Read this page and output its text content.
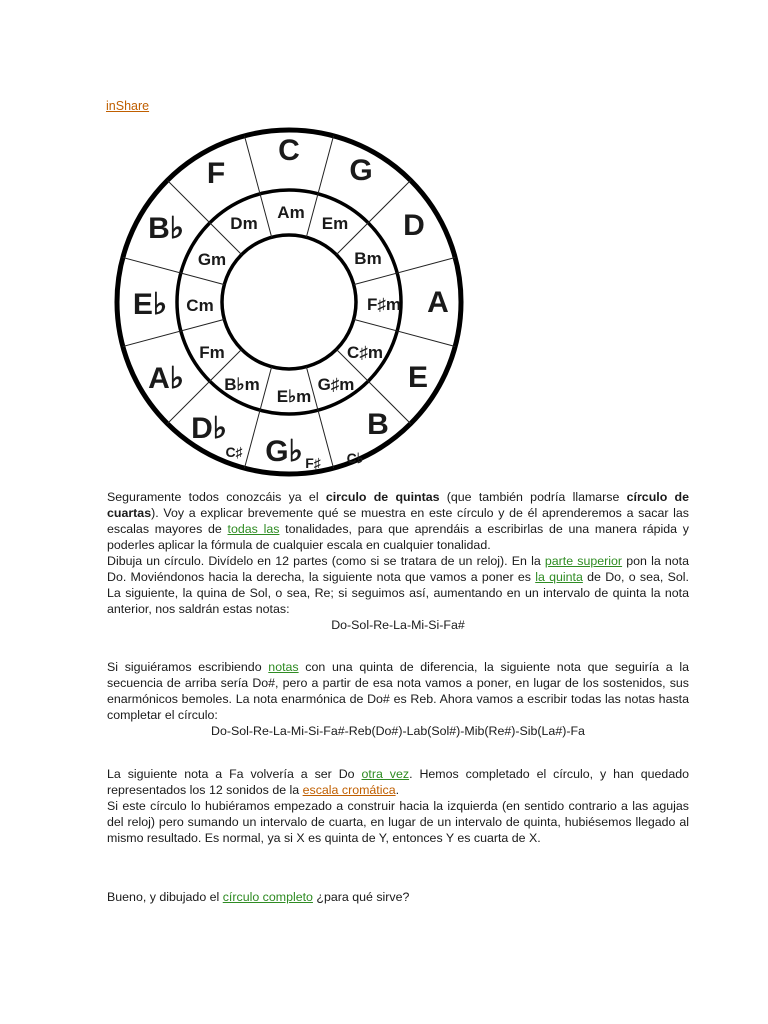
inShare
C
G
D
A
E
B
G♭
D♭
A♭
E♭
B♭
F
Am
Em
Bm
F♯m
C♯m
G♯m
E♭m
B♭m
Fm
Cm
Gm
Dm
C♭
F♯
C♯

Seguramente todos conozcáis ya el circulo de quintas (que también podría llamarse círculo de cuartas). Voy a explicar brevemente qué se muestra en este círculo y de él aprenderemos a sacar las escalas mayores de todas las tonalidades, para que aprendáis a escribirlas de una manera rápida y poderles aplicar la fórmula de cualquier escala en cualquier tonalidad.

Dibuja un círculo. Divídelo en 12 partes (como si se tratara de un reloj). En la parte superior pon la nota Do. Moviéndonos hacia la derecha, la siguiente nota que vamos a poner es la quinta de Do, o sea, Sol. La siguiente, la quina de Sol, o sea, Re; si seguimos así, aumentando en un intervalo de quinta la nota anterior, nos saldrán estas notas:

Do-Sol-Re-La-Mi-Si-Fa#

Si siguiéramos escribiendo notas con una quinta de diferencia, la siguiente nota que seguiría a la secuencia de arriba sería Do#, pero a partir de esa nota vamos a poner, en lugar de los sostenidos, sus enarmónicos bemoles. La nota enarmónica de Do# es Reb. Ahora vamos a escribir todas las notas hasta completar el círculo:

Do-Sol-Re-La-Mi-Si-Fa#-Reb(Do#)-Lab(Sol#)-Mib(Re#)-Sib(La#)-Fa

La siguiente nota a Fa volvería a ser Do otra vez. Hemos completado el círculo, y han quedado representados los 12 sonidos de la escala cromática.

Si este círculo lo hubiéramos empezado a construir hacia la izquierda (en sentido contrario a las agujas del reloj) pero sumando un intervalo de cuarta, en lugar de un intervalo de quinta, hubiésemos llegado al mismo resultado. Es normal, ya si X es quinta de Y, entonces Y es cuarta de X.

Bueno, y dibujado el círculo completo ¿para qué sirve?
